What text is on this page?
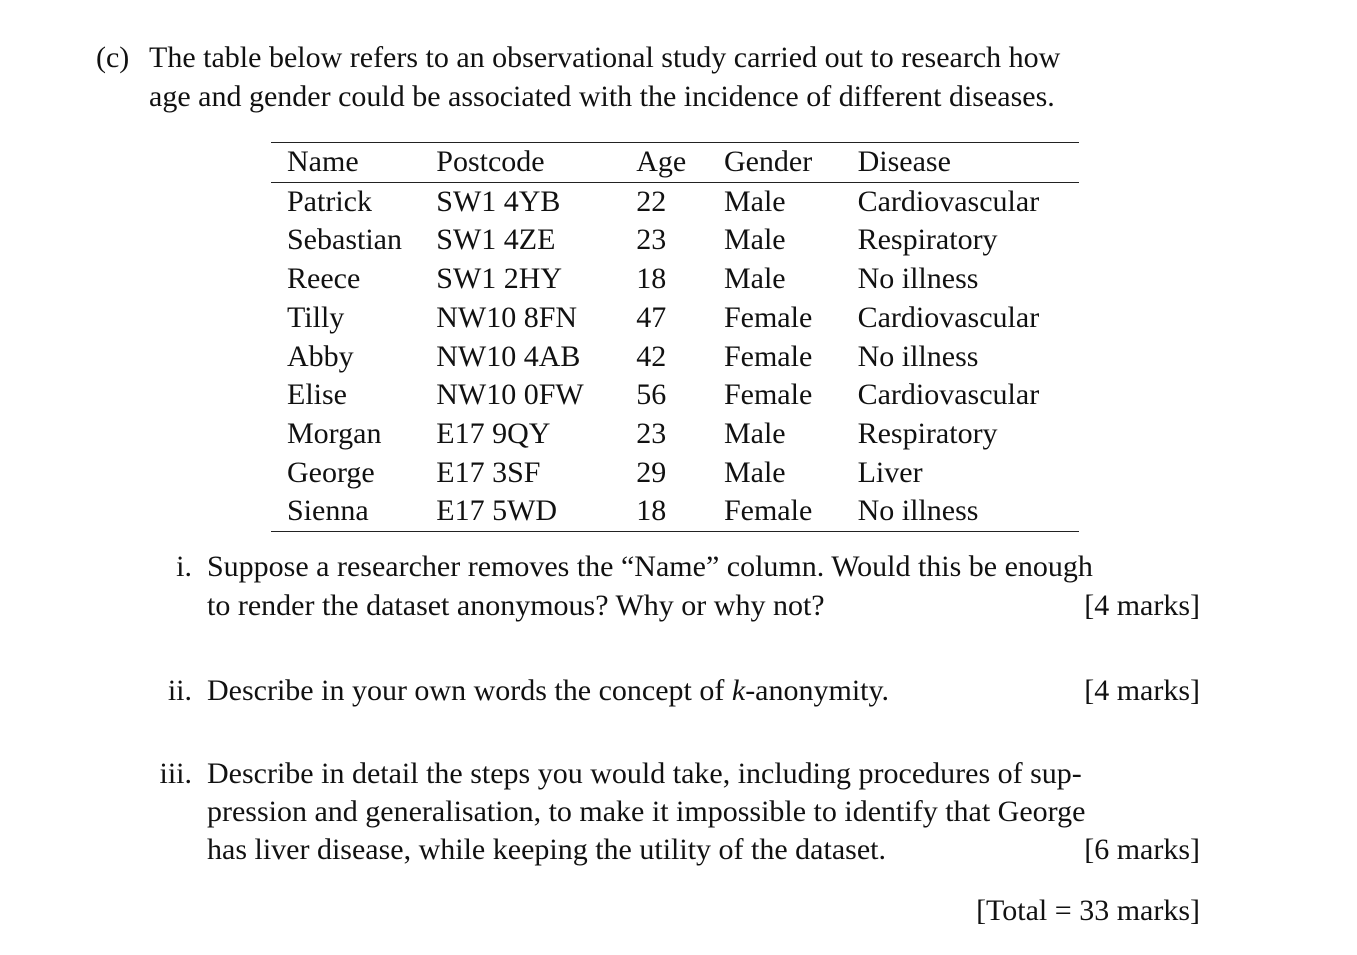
(c) The table below refers to an observational study carried out to research how
age and gender could be associated with the incidence of different diseases.
Name	Postcode	Age	Gender	Disease
Patrick	SW1 4YB	22	Male	Cardiovascular
Sebastian	SW1 4ZE	23	Male	Respiratory
Reece	SW1 2HY	18	Male	No illness
Tilly	NW10 8FN	47	Female	Cardiovascular
Abby	NW10 4AB	42	Female	No illness
Elise	NW10 0FW	56	Female	Cardiovascular
Morgan	E17 9QY	23	Male	Respiratory
George	E17 3SF	29	Male	Liver
Sienna	E17 5WD	18	Female	No illness
i. Suppose a researcher removes the “Name” column. Would this be enough
to render the dataset anonymous? Why or why not?	[4 marks]
ii. Describe in your own words the concept of k-anonymity.	[4 marks]
iii. Describe in detail the steps you would take, including procedures of sup-
pression and generalisation, to make it impossible to identify that George
has liver disease, while keeping the utility of the dataset.	[6 marks]
[Total = 33 marks]
